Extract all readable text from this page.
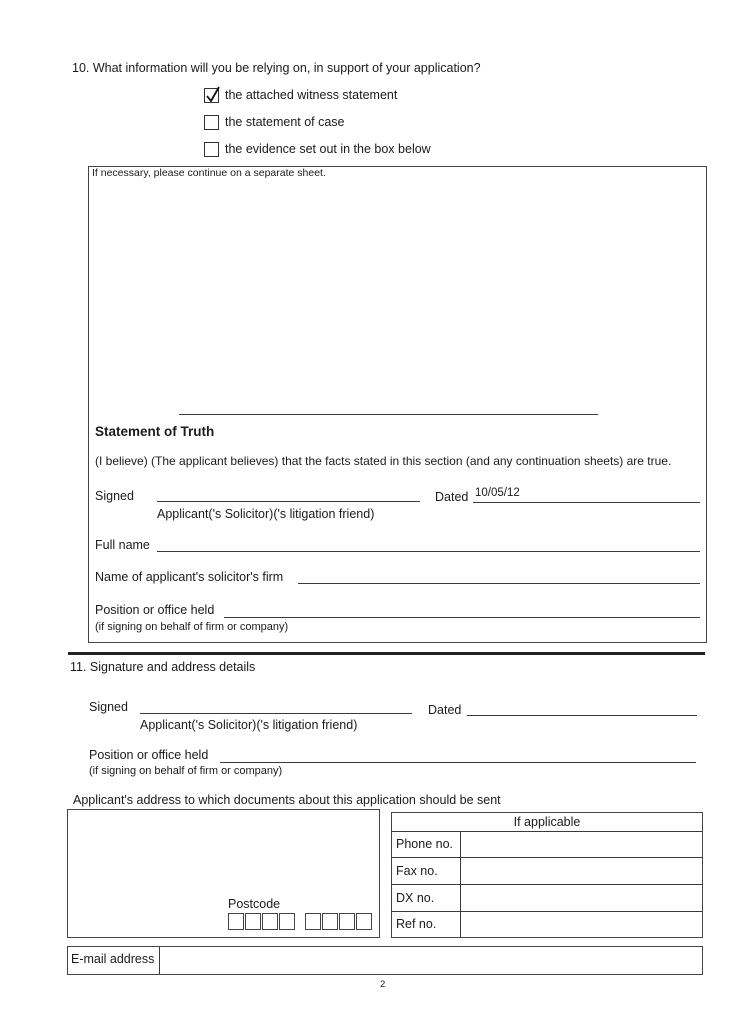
10. What information will you be relying on, in support of your application?
the attached witness statement
the statement of case
the evidence set out in the box below
If necessary, please continue on a separate sheet.
Statement of Truth
(I believe) (The applicant believes) that the facts stated in this section (and any continuation sheets) are true.
Signed
Applicant('s Solicitor)('s litigation friend)
Dated 10/05/12
Full name
Name of applicant's solicitor's firm
Position or office held
(if signing on behalf of firm or company)
11. Signature and address details
Signed
Applicant('s Solicitor)('s litigation friend)
Dated
Position or office held
(if signing on behalf of firm or company)
Applicant's address to which documents about this application should be sent
Postcode
If applicable
Phone no.
Fax no.
DX no.
Ref no.
E-mail address
2
